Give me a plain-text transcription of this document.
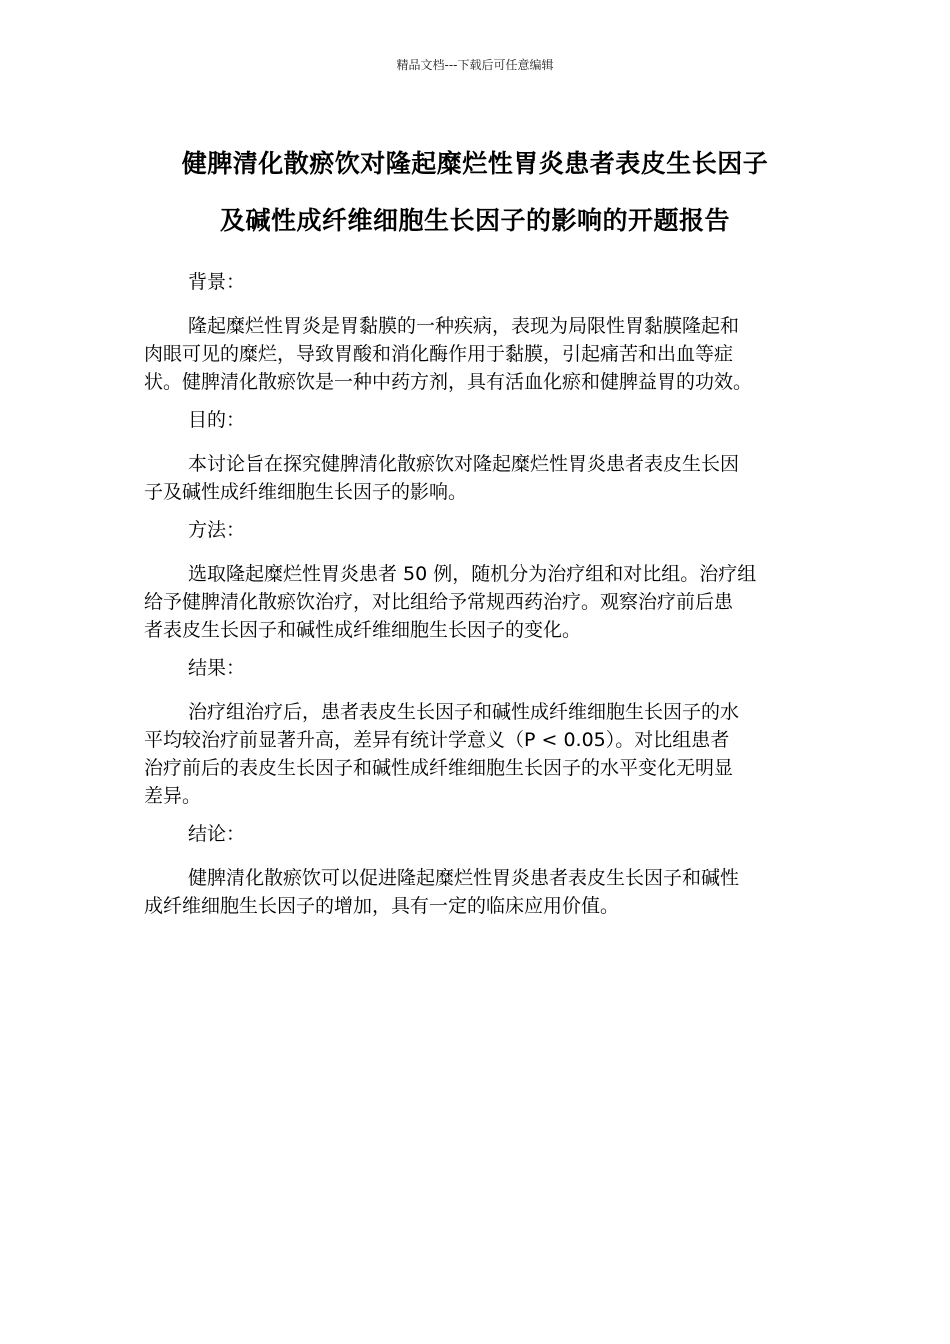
精品文档---下载后可任意编辑
健脾清化散瘀饮对隆起糜烂性胃炎患者表皮生长因子
及碱性成纤维细胞生长因子的影响的开题报告

背景：

隆起糜烂性胃炎是胃黏膜的一种疾病，表现为局限性胃黏膜隆起和
肉眼可见的糜烂，导致胃酸和消化酶作用于黏膜，引起痛苦和出血等症
状。健脾清化散瘀饮是一种中药方剂，具有活血化瘀和健脾益胃的功效。

目的：

本讨论旨在探究健脾清化散瘀饮对隆起糜烂性胃炎患者表皮生长因
子及碱性成纤维细胞生长因子的影响。

方法：

选取隆起糜烂性胃炎患者 50 例，随机分为治疗组和对比组。治疗组
给予健脾清化散瘀饮治疗，对比组给予常规西药治疗。观察治疗前后患
者表皮生长因子和碱性成纤维细胞生长因子的变化。

结果：

治疗组治疗后，患者表皮生长因子和碱性成纤维细胞生长因子的水
平均较治疗前显著升高，差异有统计学意义（P < 0.05）。对比组患者
治疗前后的表皮生长因子和碱性成纤维细胞生长因子的水平变化无明显
差异。

结论：

健脾清化散瘀饮可以促进隆起糜烂性胃炎患者表皮生长因子和碱性
成纤维细胞生长因子的增加，具有一定的临床应用价值。
